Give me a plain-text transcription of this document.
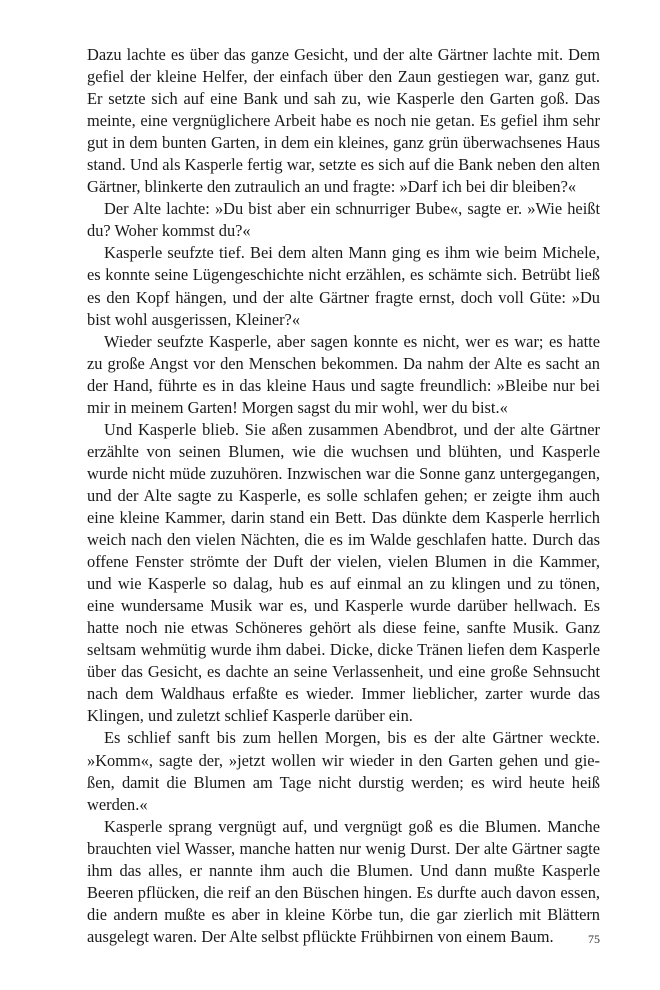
Dazu lachte es über das ganze Gesicht, und der alte Gärtner lachte mit. Dem gefiel der kleine Helfer, der einfach über den Zaun gestiegen war, ganz gut. Er setzte sich auf eine Bank und sah zu, wie Kasperle den Garten goß. Das meinte, eine vergnüglichere Arbeit habe es noch nie getan. Es gefiel ihm sehr gut in dem bunten Garten, in dem ein kleines, ganz grün überwachsenes Haus stand. Und als Kasperle fertig war, setzte es sich auf die Bank neben den alten Gärtner, blinkerte den zutraulich an und fragte: »Darf ich bei dir bleiben?«

Der Alte lachte: »Du bist aber ein schnurriger Bube«, sagte er. »Wie heißt du? Woher kommst du?«

Kasperle seufzte tief. Bei dem alten Mann ging es ihm wie beim Michele, es konnte seine Lügengeschichte nicht erzählen, es schämte sich. Betrübt ließ es den Kopf hängen, und der alte Gärtner fragte ernst, doch voll Güte: »Du bist wohl ausgerissen, Kleiner?«

Wieder seufzte Kasperle, aber sagen konnte es nicht, wer es war; es hatte zu große Angst vor den Menschen bekommen. Da nahm der Alte es sacht an der Hand, führte es in das kleine Haus und sagte freundlich: »Bleibe nur bei mir in meinem Garten! Morgen sagst du mir wohl, wer du bist.«

Und Kasperle blieb. Sie aßen zusammen Abendbrot, und der alte Gärtner erzählte von seinen Blumen, wie die wuchsen und blühten, und Kasperle wurde nicht müde zuzuhören. Inzwischen war die Sonne ganz untergegangen, und der Alte sagte zu Kasperle, es solle schlafen gehen; er zeigte ihm auch eine kleine Kammer, darin stand ein Bett. Das dünkte dem Kasperle herrlich weich nach den vielen Nächten, die es im Walde geschlafen hatte. Durch das offene Fenster strömte der Duft der vielen, vielen Blumen in die Kammer, und wie Kasperle so dalag, hub es auf einmal an zu klingen und zu tönen, eine wundersame Musik war es, und Kasperle wurde darüber hellwach. Es hatte noch nie etwas Schöneres gehört als diese feine, sanfte Musik. Ganz seltsam wehmütig wurde ihm dabei. Dicke, dicke Tränen liefen dem Kasperle über das Gesicht, es dachte an seine Verlassenheit, und eine große Sehnsucht nach dem Waldhaus erfaßte es wieder. Immer lieblicher, zarter wurde das Klingen, und zuletzt schlief Kasperle darüber ein.

Es schlief sanft bis zum hellen Morgen, bis es der alte Gärtner weckte. »Komm«, sagte der, »jetzt wollen wir wieder in den Garten gehen und gießen, damit die Blumen am Tage nicht durstig werden; es wird heute heiß werden.«

Kasperle sprang vergnügt auf, und vergnügt goß es die Blumen. Manche brauchten viel Wasser, manche hatten nur wenig Durst. Der alte Gärtner sagte ihm das alles, er nannte ihm auch die Blumen. Und dann mußte Kasperle Beeren pflücken, die reif an den Büschen hingen. Es durfte auch davon essen, die andern mußte es aber in kleine Körbe tun, die gar zierlich mit Blättern ausgelegt waren. Der Alte selbst pflückte Frühbirnen von einem Baum.	75
